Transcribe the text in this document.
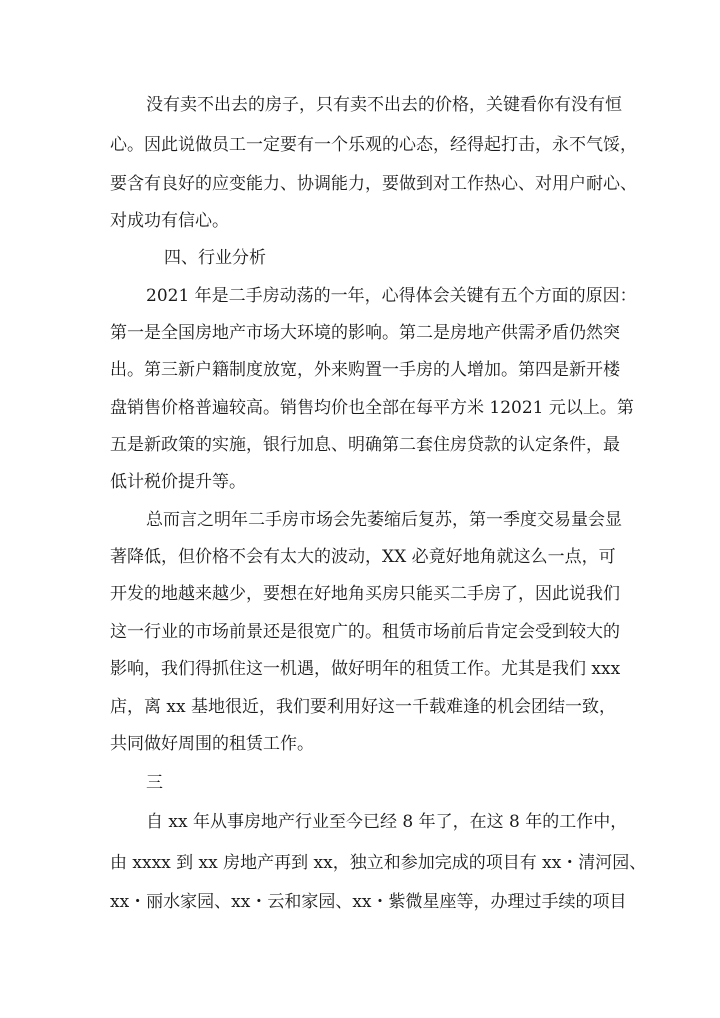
没有卖不出去的房子，只有卖不出去的价格，关键看你有没有恒
心。因此说做员工一定要有一个乐观的心态，经得起打击，永不气馁，
要含有良好的应变能力、协调能力，要做到对工作热心、对用户耐心、
对成功有信心。
四、行业分析
2021 年是二手房动荡的一年，心得体会关键有五个方面的原因：
第一是全国房地产市场大环境的影响。第二是房地产供需矛盾仍然突
出。第三新户籍制度放宽，外来购置一手房的人增加。第四是新开楼
盘销售价格普遍较高。销售均价也全部在每平方米 12021 元以上。第
五是新政策的实施，银行加息、明确第二套住房贷款的认定条件，最
低计税价提升等。
总而言之明年二手房市场会先萎缩后复苏，第一季度交易量会显
著降低，但价格不会有太大的波动，XX 必竟好地角就这么一点，可
开发的地越来越少，要想在好地角买房只能买二手房了，因此说我们
这一行业的市场前景还是很宽广的。租赁市场前后肯定会受到较大的
影响，我们得抓住这一机遇，做好明年的租赁工作。尤其是我们 xxx
店，离 xx 基地很近，我们要利用好这一千载难逢的机会团结一致，
共同做好周围的租赁工作。
三
自 xx 年从事房地产行业至今已经 8 年了，在这 8 年的工作中，
由 xxxx 到 xx 房地产再到 xx，独立和参加完成的项目有 xx・清河园、
xx・丽水家园、xx・云和家园、xx・紫微星座等，办理过手续的项目
